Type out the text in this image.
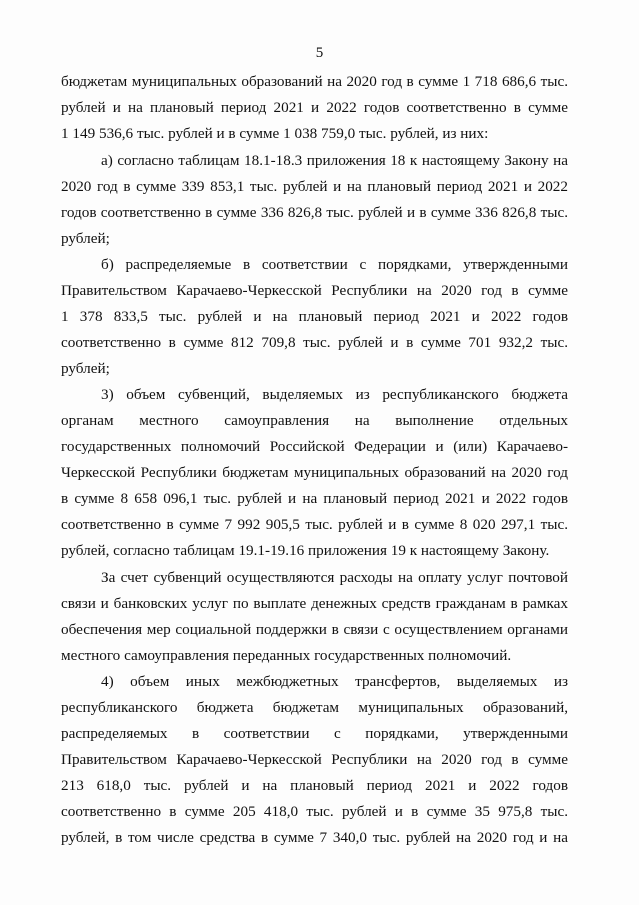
5
бюджетам муниципальных образований на 2020 год в сумме 1 718 686,6 тыс.
рублей и на плановый период 2021 и 2022 годов соответственно в сумме
1 149 536,6 тыс. рублей и в сумме 1 038 759,0 тыс. рублей, из них:
а) согласно таблицам 18.1-18.3 приложения 18 к настоящему Закону на
2020 год в сумме 339 853,1 тыс. рублей и на плановый период 2021 и 2022
годов соответственно в сумме 336 826,8 тыс. рублей и в сумме 336 826,8 тыс.
рублей;
б) распределяемые в соответствии с порядками, утвержденными
Правительством Карачаево-Черкесской Республики на 2020 год в сумме
1 378 833,5 тыс. рублей и на плановый период 2021 и 2022 годов
соответственно в сумме 812 709,8 тыс. рублей и в сумме 701 932,2 тыс.
рублей;
3) объем субвенций, выделяемых из республиканского бюджета
органам местного самоуправления на выполнение отдельных
государственных полномочий Российской Федерации и (или) Карачаево-
Черкесской Республики бюджетам муниципальных образований на 2020 год
в сумме 8 658 096,1 тыс. рублей и на плановый период 2021 и 2022 годов
соответственно в сумме 7 992 905,5 тыс. рублей и в сумме 8 020 297,1 тыс.
рублей, согласно таблицам 19.1-19.16 приложения 19 к настоящему Закону.
За счет субвенций осуществляются расходы на оплату услуг почтовой
связи и банковских услуг по выплате денежных средств гражданам в рамках
обеспечения мер социальной поддержки в связи с осуществлением органами
местного самоуправления переданных государственных полномочий.
4) объем иных межбюджетных трансфертов, выделяемых из
республиканского бюджета бюджетам муниципальных образований,
распределяемых в соответствии с порядками, утвержденными
Правительством Карачаево-Черкесской Республики на 2020 год в сумме
213 618,0 тыс. рублей и на плановый период 2021 и 2022 годов
соответственно в сумме 205 418,0 тыс. рублей и в сумме 35 975,8 тыс.
рублей, в том числе средства в сумме 7 340,0 тыс. рублей на 2020 год и на
